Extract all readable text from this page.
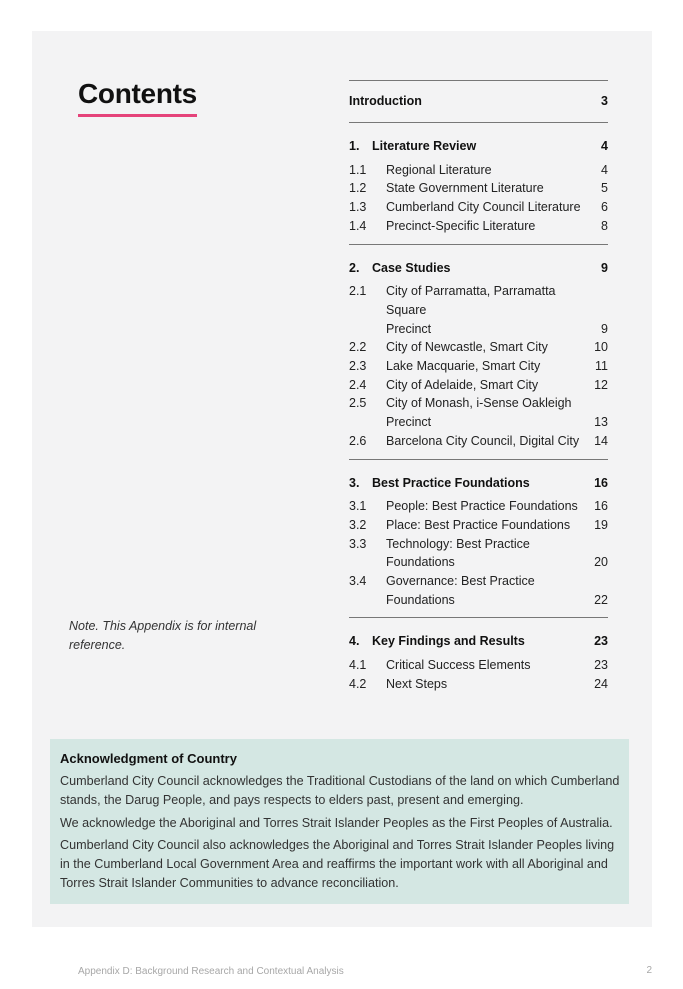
Contents
Note. This Appendix is for internal reference.
Introduction	3
1.	Literature Review	4
1.1	Regional Literature	4
1.2	State Government Literature	5
1.3	Cumberland City Council Literature	6
1.4	Precinct-Specific Literature	8
2.	Case Studies	9
2.1	City of Parramatta, Parramatta Square
Precinct	9
2.2	City of Newcastle, Smart City	10
2.3	Lake Macquarie, Smart City	11
2.4	City of Adelaide, Smart City	12
2.5	City of Monash, i-Sense Oakleigh
Precinct	13
2.6	Barcelona City Council, Digital City	14
3.	Best Practice Foundations	16
3.1	People: Best Practice Foundations	16
3.2	Place: Best Practice Foundations	19
3.3	Technology: Best Practice
Foundations	20
3.4	Governance: Best Practice
Foundations	22
4.	Key Findings and Results	23
4.1	Critical Success Elements	23
4.2	Next Steps	24
Acknowledgment of Country

Cumberland City Council acknowledges the Traditional Custodians of the land on which Cumberland stands, the Darug People, and pays respects to elders past, present and emerging.

We acknowledge the Aboriginal and Torres Strait Islander Peoples as the First Peoples of Australia.

Cumberland City Council also acknowledges the Aboriginal and Torres Strait Islander Peoples living in the Cumberland Local Government Area and reaffirms the important work with all Aboriginal and Torres Strait Islander Communities to advance reconciliation.

Appendix D: Background Research and Contextual Analysis	2
